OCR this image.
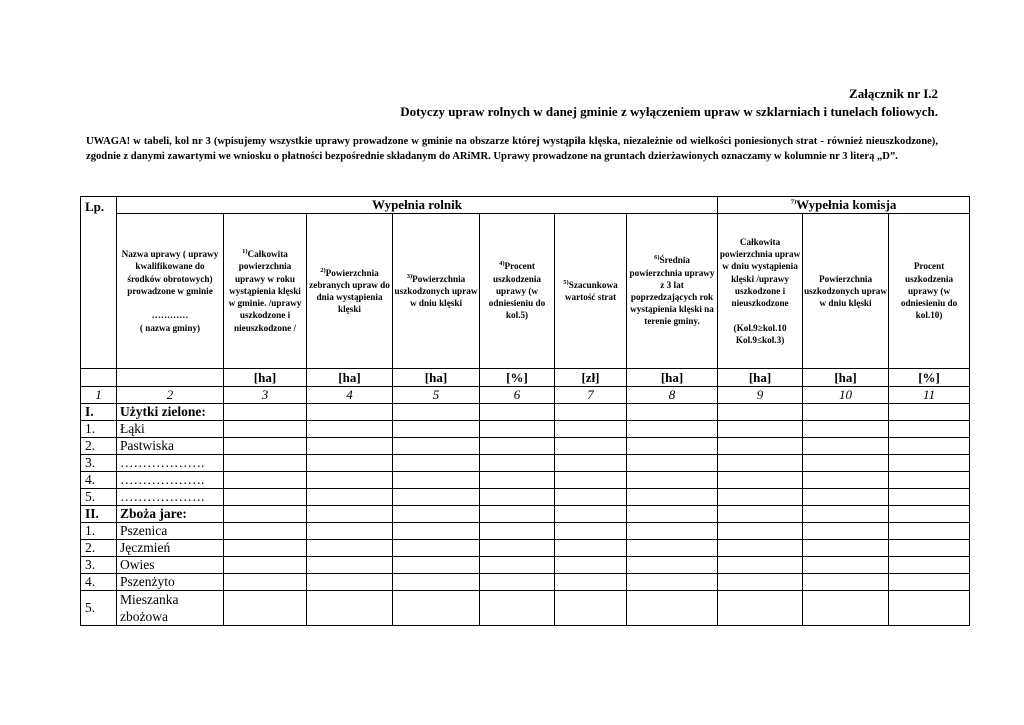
Załącznik nr I.2
Dotyczy upraw rolnych w danej gminie z wyłączeniem upraw w szklarniach i tunelach foliowych.
UWAGA! w tabeli, kol nr 3 (wpisujemy wszystkie uprawy prowadzone w gminie na obszarze której wystąpiła klęska, niezależnie od wielkości poniesionych strat - również nieuszkodzone), zgodnie z danymi zawartymi we wniosku o płatności bezpośrednie składanym do ARiMR. Uprawy prowadzone na gruntach dzierżawionych oznaczamy w kolumnie nr 3 literą „D”.
Lp.	Wypełnia rolnik							$^{7)}$Wypełnia komisja		
	Nazwa uprawy ( uprawy kwalifikowane do środków obrotowych) prowadzone w gminie

…………
( nazwa gminy)	$^{1)}$Całkowita powierzchnia uprawy w roku wystąpienia klęski w gminie. /uprawy uszkodzone i nieuszkodzone /	$^{2)}$Powierzchnia zebranych upraw do dnia wystąpienia klęski	$^{3)}$Powierzchnia uszkodzonych upraw w dniu klęski	$^{4)}$Procent uszkodzenia uprawy (w odniesieniu do kol.5)	$^{5)}$Szacunkowa wartość strat	$^{6)}$Średnia powierzchnia uprawy z 3 lat poprzedzających rok wystąpienia klęski na terenie gminy.	Całkowita powierzchnia upraw w dniu wystąpienia klęski /uprawy uszkodzone i nieuszkodzone

(Kol.9≥kol.10
Kol.9≤kol.3)	Powierzchnia uszkodzonych upraw w dniu klęski	Procent uszkodzenia uprawy (w odniesieniu do kol.10)
		[ha]	[ha]	[ha]	[%]	[zł]	[ha]	[ha]	[ha]	[%]
1	2	3	4	5	6	7	8	9	10	11
I.	Użytki zielone:									
1.	Łąki									
2.	Pastwiska									
3.	……………….									
4.	……………….									
5.	……………….									
II.	Zboża jare:									
1.	Pszenica									
2.	Jęczmień									
3.	Owies									
4.	Pszenżyto									
5.	Mieszanka zbożowa									
